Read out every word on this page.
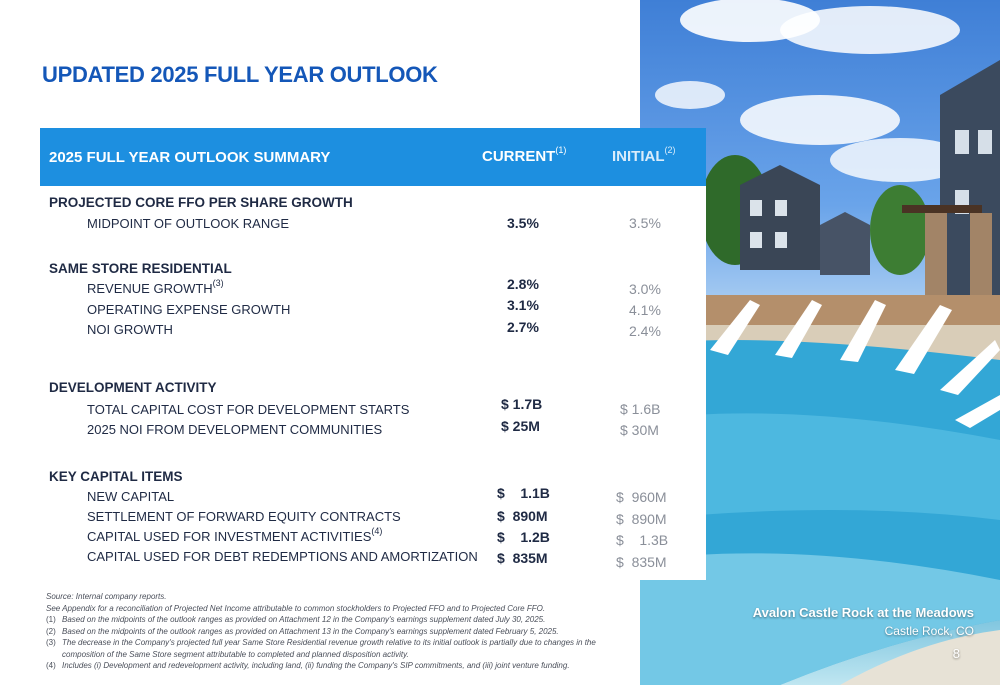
Avalon Castle Rock at the Meadows
Castle Rock, CO
8
UPDATED 2025 FULL YEAR OUTLOOK
2025 FULL YEAR OUTLOOK SUMMARY	CURRENT$^{(1)}$	INITIAL$^{(2)}$
PROJECTED CORE FFO PER SHARE GROWTH
MIDPOINT OF OUTLOOK RANGE	3.5%	3.5%
SAME STORE RESIDENTIAL
REVENUE GROWTH$^{(3)}$	2.8%	3.0%
OPERATING EXPENSE GROWTH	3.1%	4.1%
NOI GROWTH	2.7%	2.4%
DEVELOPMENT ACTIVITY
TOTAL CAPITAL COST FOR DEVELOPMENT STARTS	$ 1.7B	$ 1.6B
2025 NOI FROM DEVELOPMENT COMMUNITIES	$ 25M	$ 30M
KEY CAPITAL ITEMS
NEW CAPITAL	$    1.1B	$  960M
SETTLEMENT OF FORWARD EQUITY CONTRACTS	$  890M	$  890M
CAPITAL USED FOR INVESTMENT ACTIVITIES$^{(4)}$	$    1.2B	$    1.3B
CAPITAL USED FOR DEBT REDEMPTIONS AND AMORTIZATION $  835M	$  835M
Source: Internal company reports.
See Appendix for a reconciliation of Projected Net Income attributable to common stockholders to Projected FFO and to Projected Core FFO.
(1) Based on the midpoints of the outlook ranges as provided on Attachment 12 in the Company's earnings supplement dated July 30, 2025.
(2) Based on the midpoints of the outlook ranges as provided on Attachment 13 in the Company's earnings supplement dated February 5, 2025.
(3) The decrease in the Company's projected full year Same Store Residential revenue growth relative to its initial outlook is partially due to changes in the composition of the Same Store segment attributable to completed and planned disposition activity.
(4) Includes (i) Development and redevelopment activity, including land, (ii) funding the Company's SIP commitments, and (iii) joint venture funding.
